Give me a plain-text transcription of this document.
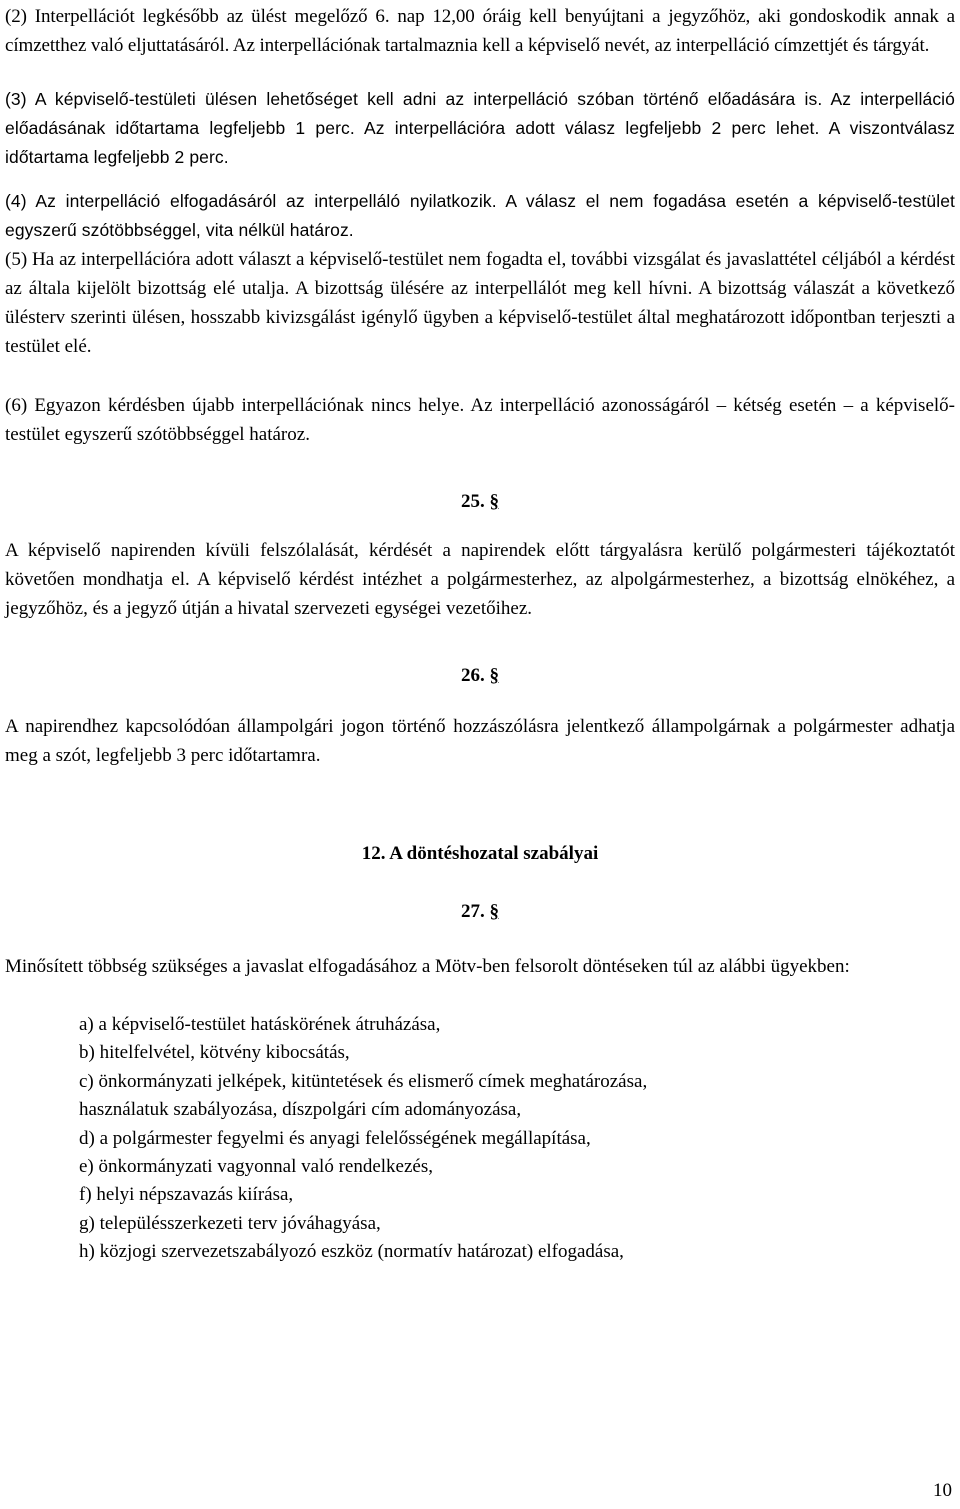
(2) Interpellációt legkésőbb az ülést megelőző 6. nap 12,00 óráig kell benyújtani a jegyzőhöz, aki gondoskodik annak a címzetthez való eljuttatásáról. Az interpellációnak tartalmaznia kell a képviselő nevét, az interpelláció címzettjét és tárgyát.

(3) A képviselő-testületi ülésen lehetőséget kell adni az interpelláció szóban történő előadására is. Az interpelláció előadásának időtartama legfeljebb 1 perc. Az interpellációra adott válasz legfeljebb 2 perc lehet. A viszontválasz időtartama legfeljebb 2 perc.

(4) Az interpelláció elfogadásáról az interpelláló nyilatkozik. A válasz el nem fogadása esetén a képviselő-testület egyszerű szótöbbséggel, vita nélkül határoz.

(5) Ha az interpellációra adott választ a képviselő-testület nem fogadta el, további vizsgálat és javaslattétel céljából a kérdést az általa kijelölt bizottság elé utalja. A bizottság ülésére az interpellálót meg kell hívni. A bizottság válaszát a következő ülésterv szerinti ülésen, hosszabb kivizsgálást igénylő ügyben a képviselő-testület által meghatározott időpontban terjeszti a testület elé.

(6) Egyazon kérdésben újabb interpellációnak nincs helye. Az interpelláció azonosságáról – kétség esetén – a képviselő-testület egyszerű szótöbbséggel határoz.

25. §

A képviselő napirenden kívüli felszólalását, kérdését a napirendek előtt tárgyalásra kerülő polgármesteri tájékoztatót követően mondhatja el. A képviselő kérdést intézhet a polgármesterhez, az alpolgármesterhez, a bizottság elnökéhez, a jegyzőhöz, és a jegyző útján a hivatal szervezeti egységei vezetőihez.

26. §

A napirendhez kapcsolódóan állampolgári jogon történő hozzászólásra jelentkező állampolgárnak a polgármester adhatja meg a szót, legfeljebb 3 perc időtartamra.

12. A döntéshozatal szabályai

27. §

Minősített többség szükséges a javaslat elfogadásához a Mötv-ben felsorolt döntéseken túl az alábbi ügyekben:

a) a képviselő-testület hatáskörének átruházása,
b) hitelfelvétel, kötvény kibocsátás,
c) önkormányzati jelképek, kitüntetések és elismerő címek meghatározása,
használatuk szabályozása, díszpolgári cím adományozása,
d) a polgármester fegyelmi és anyagi felelősségének megállapítása,
e) önkormányzati vagyonnal való rendelkezés,
f) helyi népszavazás kiírása,
g) településszerkezeti terv jóváhagyása,
h) közjogi szervezetszabályozó eszköz (normatív határozat) elfogadása,
10
